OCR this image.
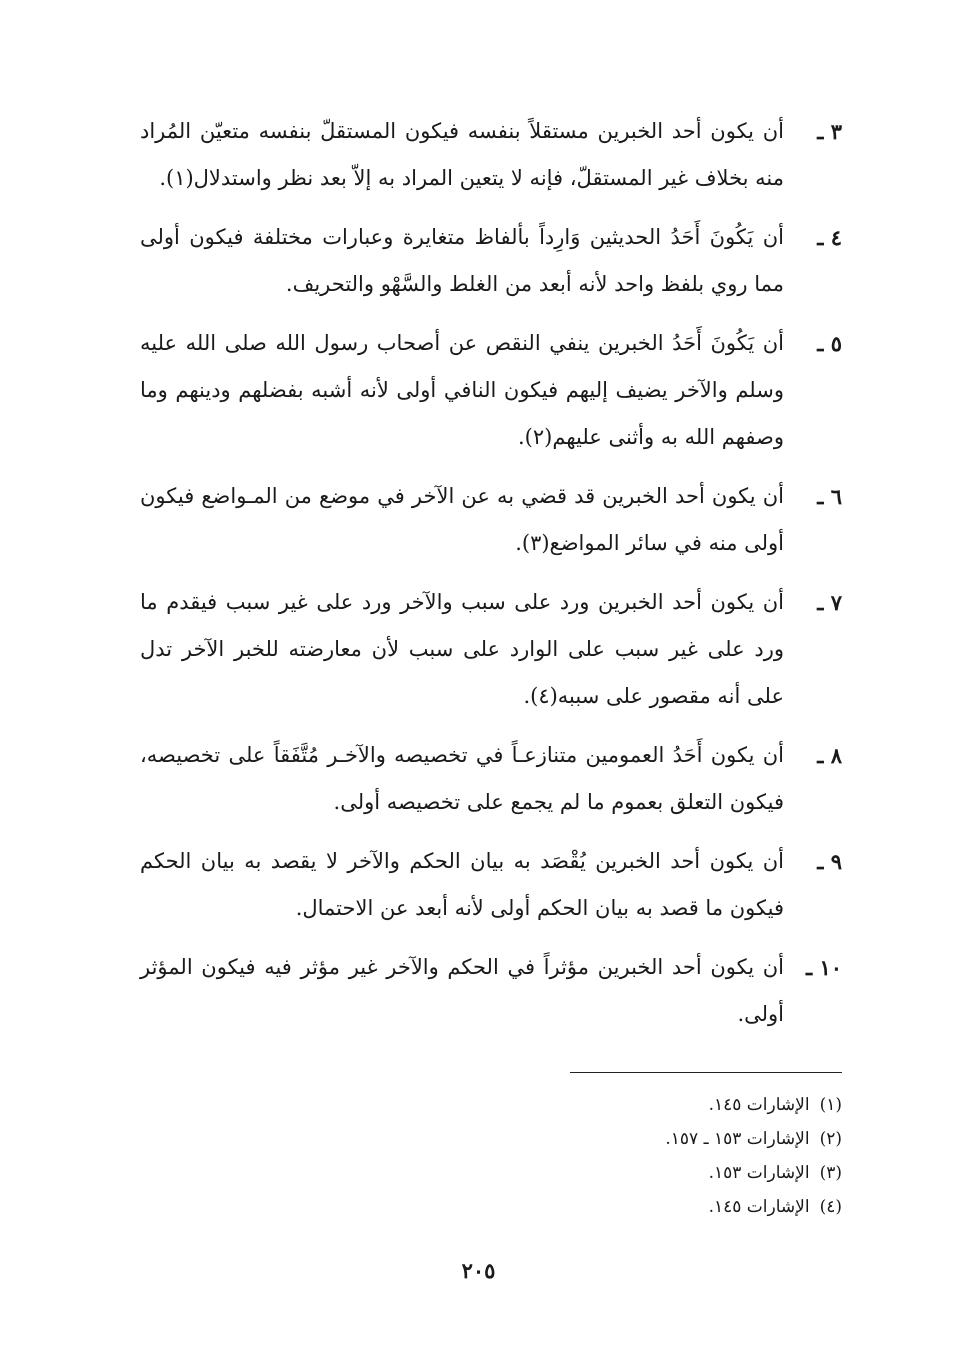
٣ ـ
أن يكون أحد الخبرين مستقلاً بنفسه فيكون المستقلّ بنفسه متعيّن المُراد منه بخلاف غير المستقلّ، فإنه لا يتعين المراد به إلاّ بعد نظر واستدلال(١).
٤ ـ
أن يَكُونَ أَحَدُ الحديثين وَارِداً بألفاظ متغايرة وعبارات مختلفة فيكون أولى مما روي بلفظ واحد لأنه أبعد من الغلط والسَّهْو والتحريف.
٥ ـ
أن يَكُونَ أَحَدُ الخبرين ينفي النقص عن أصحاب رسول الله صلى الله عليه وسلم والآخر يضيف إليهم فيكون النافي أولى لأنه أشبه بفضلهم ودينهم وما وصفهم الله به وأثنى عليهم(٢).
٦ ـ
أن يكون أحد الخبرين قد قضي به عن الآخر في موضع من المـواضع فيكون أولى منه في سائر المواضع(٣).
٧ ـ
أن يكون أحد الخبرين ورد على سبب والآخر ورد على غير سبب فيقدم ما ورد على غير سبب على الوارد على سبب لأن معارضته للخبر الآخر تدل على أنه مقصور على سببه(٤).
٨ ـ
أن يكون أَحَدُ العمومين متنازعـاً في تخصيصه والآخـر مُتَّفَقاً على تخصيصه، فيكون التعلق بعموم ما لم يجمع على تخصيصه أولى.
٩ ـ
أن يكون أحد الخبرين يُقْصَد به بيان الحكم والآخر لا يقصد به بيان الحكم فيكون ما قصد به بيان الحكم أولى لأنه أبعد عن الاحتمال.
١٠ ـ
أن يكون أحد الخبرين مؤثراً في الحكم والآخر غير مؤثر فيه فيكون المؤثر أولى.
(١)الإشارات ١٤٥.
(٢)الإشارات ١٥٣ ـ ١٥٧.
(٣)الإشارات ١٥٣.
(٤)الإشارات ١٤٥.
٢٠٥
